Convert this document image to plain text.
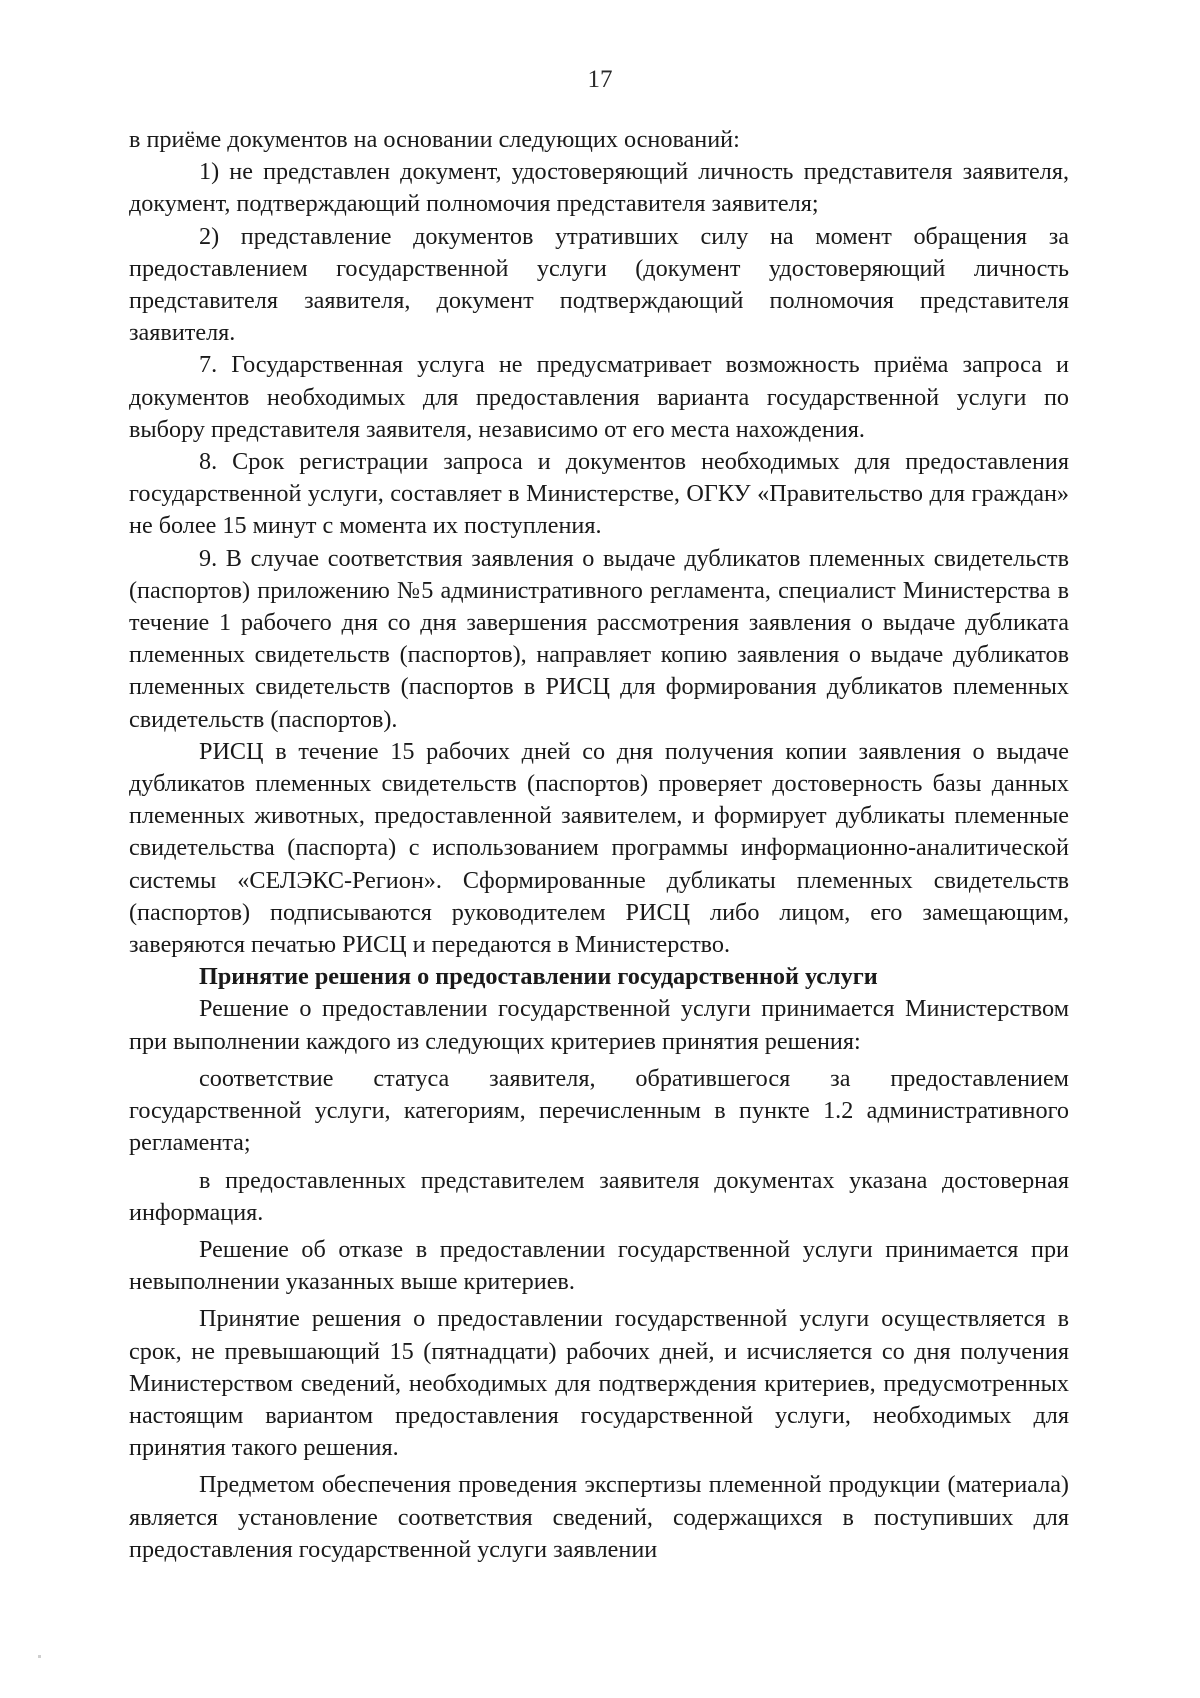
17

в приёме документов на основании следующих оснований:

1) не представлен документ, удостоверяющий личность представителя заявителя, документ, подтверждающий полномочия представителя заявителя;

2) представление документов утративших силу на момент обращения за предоставлением государственной услуги (документ удостоверяющий личность представителя заявителя, документ подтверждающий полномочия представителя заявителя.

7. Государственная услуга не предусматривает возможность приёма запроса и документов необходимых для предоставления варианта государственной услуги по выбору представителя заявителя, независимо от его места нахождения.

8. Срок регистрации запроса и документов необходимых для предоставления государственной услуги, составляет в Министерстве, ОГКУ «Правительство для граждан» не более 15 минут с момента их поступления.

9. В случае соответствия заявления о выдаче дубликатов племенных свидетельств (паспортов) приложению №5 административного регламента, специалист Министерства в течение 1 рабочего дня со дня завершения рассмотрения заявления о выдаче дубликата племенных свидетельств (паспортов), направляет копию заявления о выдаче дубликатов племенных свидетельств (паспортов в РИСЦ для формирования дубликатов племенных свидетельств (паспортов).

РИСЦ в течение 15 рабочих дней со дня получения копии заявления о выдаче дубликатов племенных свидетельств (паспортов) проверяет достоверность базы данных племенных животных, предоставленной заявителем, и формирует дубликаты племенные свидетельства (паспорта) с использованием программы информационно-аналитической системы «СЕЛЭКС-Регион». Сформированные дубликаты племенных свидетельств (паспортов) подписываются руководителем РИСЦ либо лицом, его замещающим, заверяются печатью РИСЦ и передаются в Министерство.

Принятие решения о предоставлении государственной услуги

Решение о предоставлении государственной услуги принимается Министерством при выполнении каждого из следующих критериев принятия решения:

соответствие статуса заявителя, обратившегося за предоставлением государственной услуги, категориям, перечисленным в пункте 1.2 административного регламента;

в предоставленных представителем заявителя документах указана достоверная информация.

Решение об отказе в предоставлении государственной услуги принимается при невыполнении указанных выше критериев.

Принятие решения о предоставлении государственной услуги осуществляется в срок, не превышающий 15 (пятнадцати) рабочих дней, и исчисляется со дня получения Министерством сведений, необходимых для подтверждения критериев, предусмотренных настоящим вариантом предоставления государственной услуги, необходимых для принятия такого решения.

Предметом обеспечения проведения экспертизы племенной продукции (материала) является установление соответствия сведений, содержащихся в поступивших для предоставления государственной услуги заявлении
